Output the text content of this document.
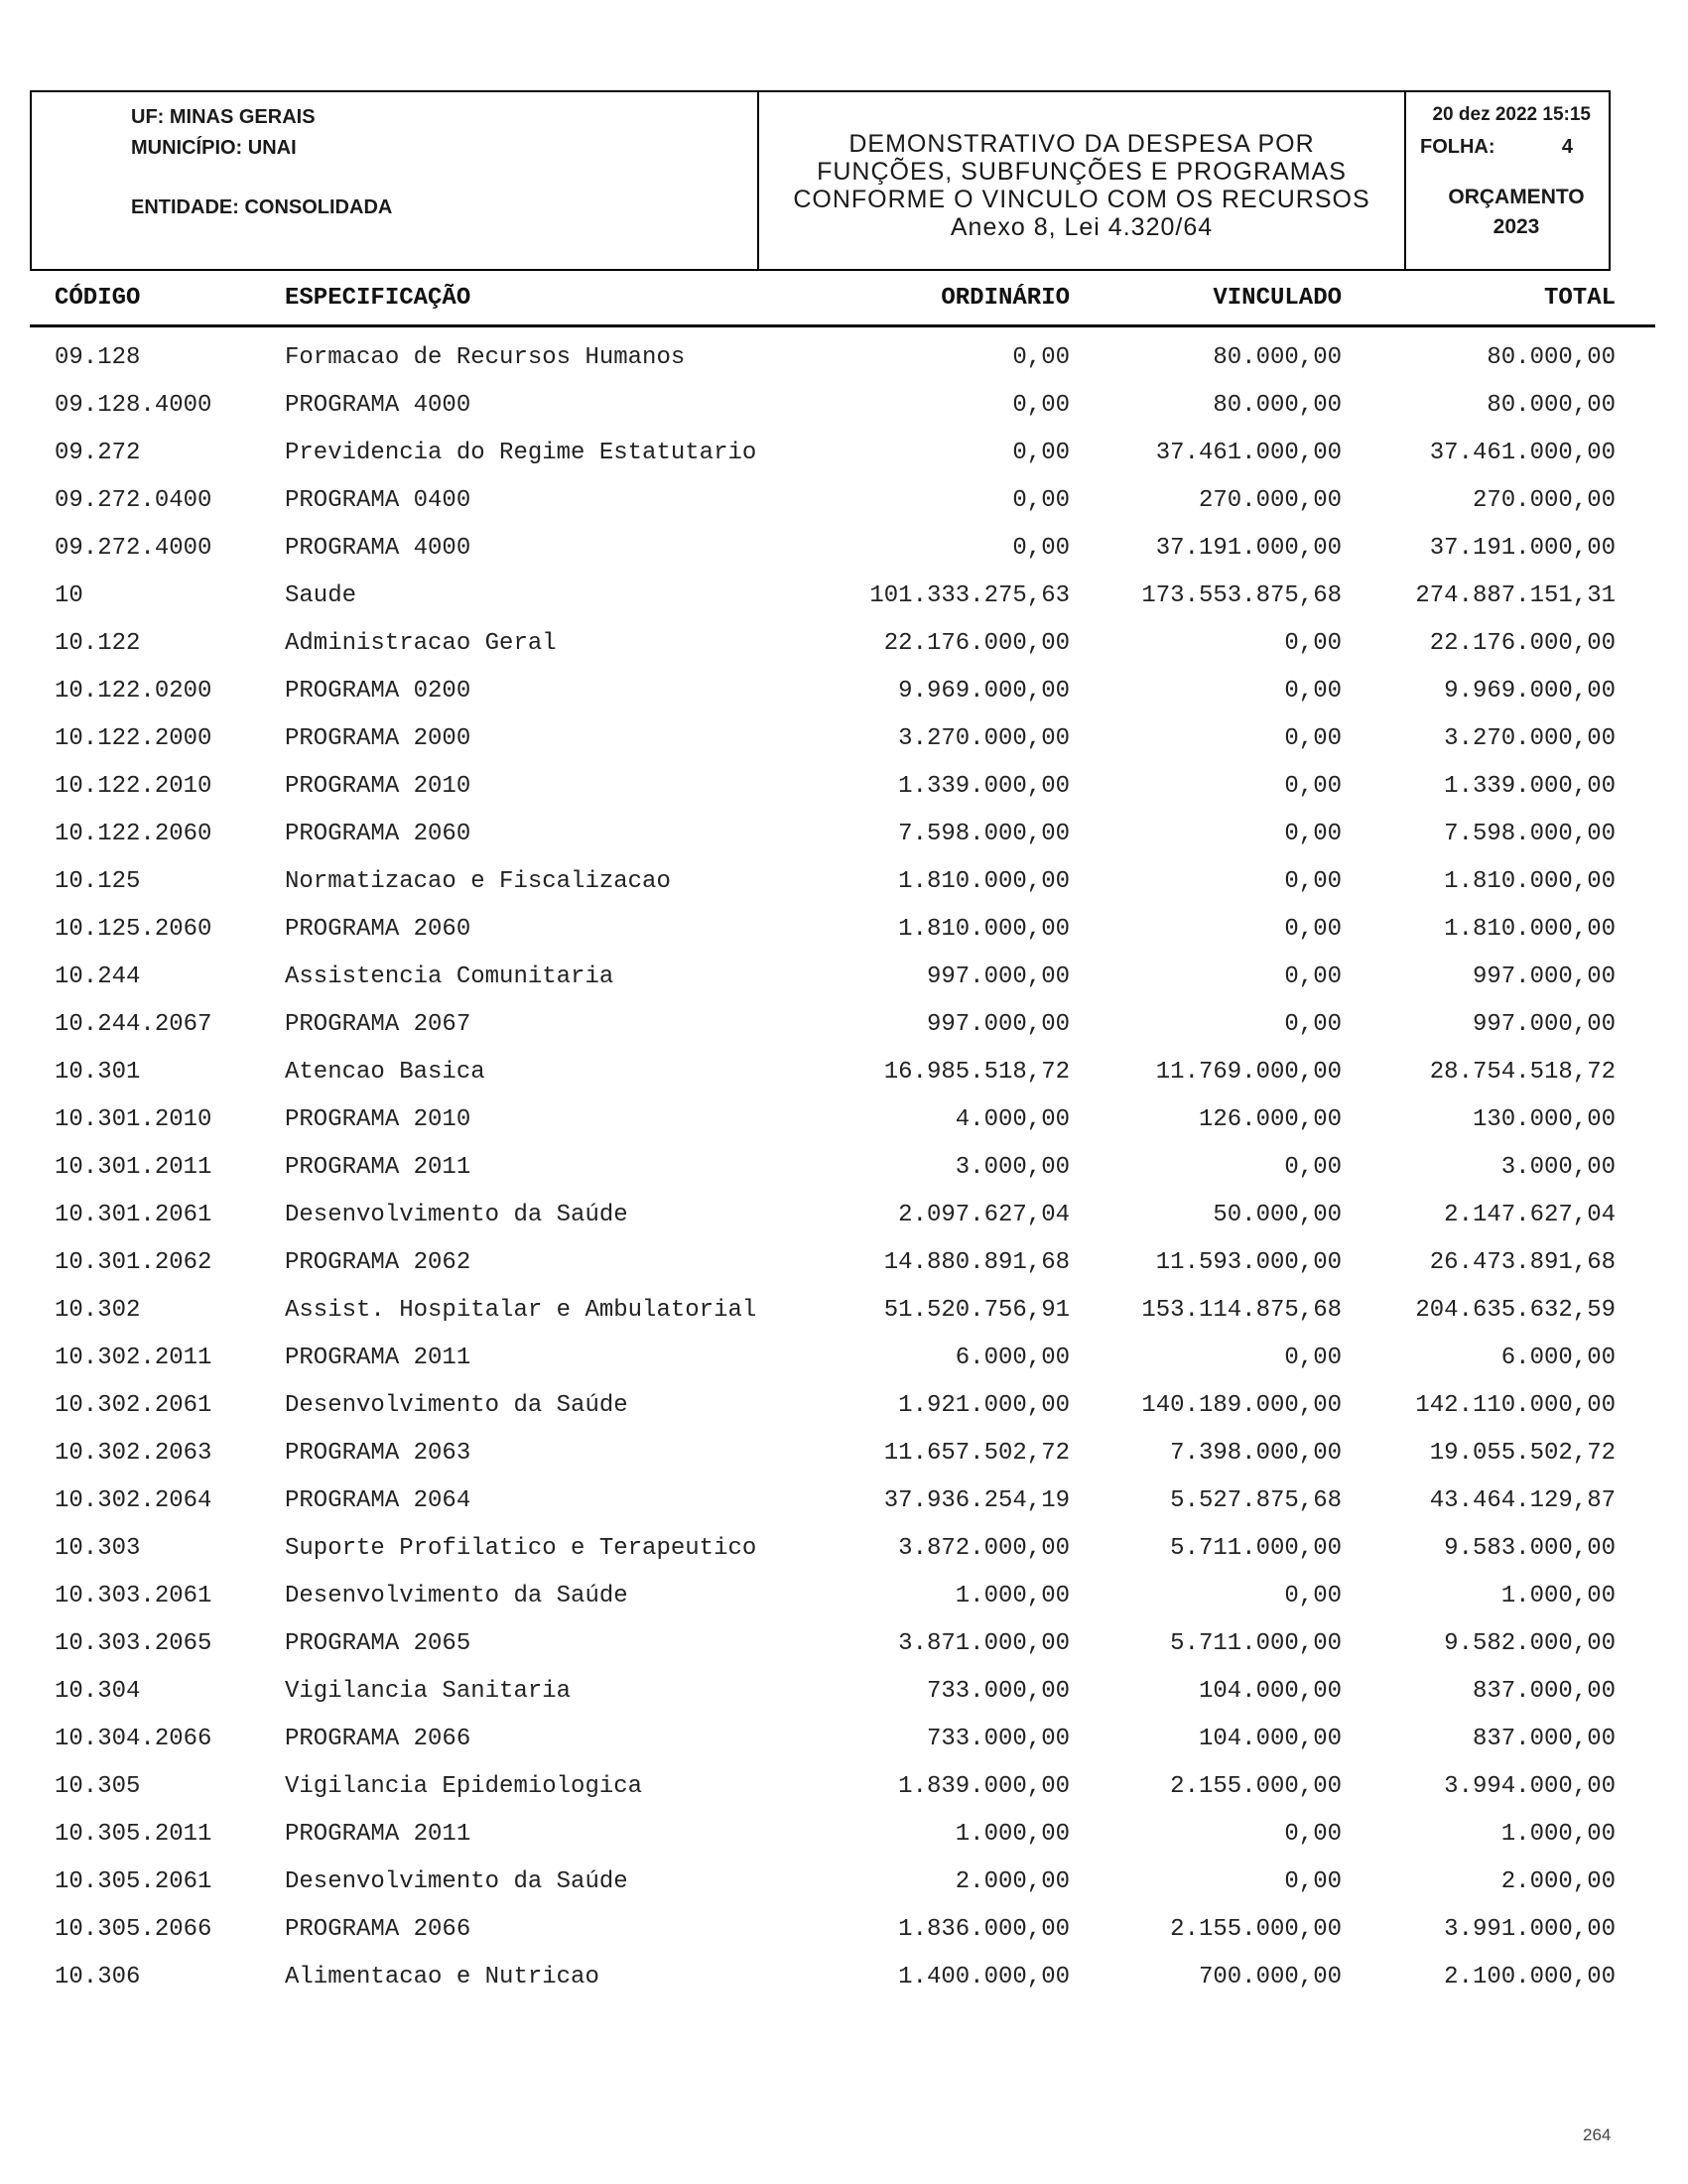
UF: MINAS GERAIS
MUNICÍPIO: UNAI
ENTIDADE: CONSOLIDADA
DEMONSTRATIVO DA DESPESA POR
FUNÇÕES, SUBFUNÇÕES E PROGRAMAS
CONFORME O VINCULO COM OS RECURSOS
Anexo 8, Lei 4.320/64
20 dez 2022 15:15
FOLHA:	4
ORÇAMENTO
2023
CÓDIGO	ESPECIFICAÇÃO	ORDINÁRIO	VINCULADO	TOTAL
09.128	Formacao de Recursos Humanos	0,00	80.000,00	80.000,00
09.128.4000	PROGRAMA 4000	0,00	80.000,00	80.000,00
09.272	Previdencia do Regime Estatutario	0,00	37.461.000,00	37.461.000,00
09.272.0400	PROGRAMA 0400	0,00	270.000,00	270.000,00
09.272.4000	PROGRAMA 4000	0,00	37.191.000,00	37.191.000,00
10	Saude	101.333.275,63	173.553.875,68	274.887.151,31
10.122	Administracao Geral	22.176.000,00	0,00	22.176.000,00
10.122.0200	PROGRAMA 0200	9.969.000,00	0,00	9.969.000,00
10.122.2000	PROGRAMA 2000	3.270.000,00	0,00	3.270.000,00
10.122.2010	PROGRAMA 2010	1.339.000,00	0,00	1.339.000,00
10.122.2060	PROGRAMA 2060	7.598.000,00	0,00	7.598.000,00
10.125	Normatizacao e Fiscalizacao	1.810.000,00	0,00	1.810.000,00
10.125.2060	PROGRAMA 2060	1.810.000,00	0,00	1.810.000,00
10.244	Assistencia Comunitaria	997.000,00	0,00	997.000,00
10.244.2067	PROGRAMA 2067	997.000,00	0,00	997.000,00
10.301	Atencao Basica	16.985.518,72	11.769.000,00	28.754.518,72
10.301.2010	PROGRAMA 2010	4.000,00	126.000,00	130.000,00
10.301.2011	PROGRAMA 2011	3.000,00	0,00	3.000,00
10.301.2061	Desenvolvimento da Saúde	2.097.627,04	50.000,00	2.147.627,04
10.301.2062	PROGRAMA 2062	14.880.891,68	11.593.000,00	26.473.891,68
10.302	Assist. Hospitalar e Ambulatorial	51.520.756,91	153.114.875,68	204.635.632,59
10.302.2011	PROGRAMA 2011	6.000,00	0,00	6.000,00
10.302.2061	Desenvolvimento da Saúde	1.921.000,00	140.189.000,00	142.110.000,00
10.302.2063	PROGRAMA 2063	11.657.502,72	7.398.000,00	19.055.502,72
10.302.2064	PROGRAMA 2064	37.936.254,19	5.527.875,68	43.464.129,87
10.303	Suporte Profilatico e Terapeutico	3.872.000,00	5.711.000,00	9.583.000,00
10.303.2061	Desenvolvimento da Saúde	1.000,00	0,00	1.000,00
10.303.2065	PROGRAMA 2065	3.871.000,00	5.711.000,00	9.582.000,00
10.304	Vigilancia Sanitaria	733.000,00	104.000,00	837.000,00
10.304.2066	PROGRAMA 2066	733.000,00	104.000,00	837.000,00
10.305	Vigilancia Epidemiologica	1.839.000,00	2.155.000,00	3.994.000,00
10.305.2011	PROGRAMA 2011	1.000,00	0,00	1.000,00
10.305.2061	Desenvolvimento da Saúde	2.000,00	0,00	2.000,00
10.305.2066	PROGRAMA 2066	1.836.000,00	2.155.000,00	3.991.000,00
10.306	Alimentacao e Nutricao	1.400.000,00	700.000,00	2.100.000,00
264
